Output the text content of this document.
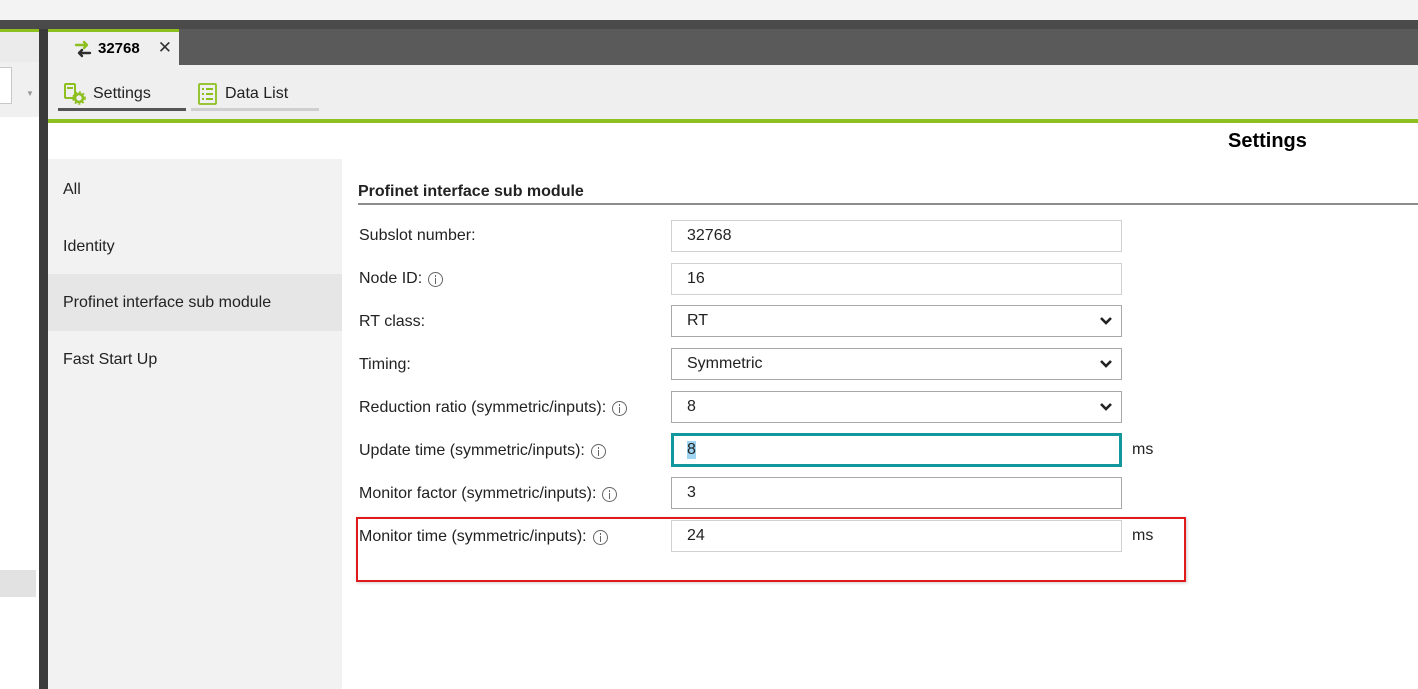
▼
32768 ✕
Settings	Data List
Settings
All
Identity
Profinet interface sub module
Fast Start Up
Profinet interface sub module
Subslot number:	32768
Node ID:	16
RT class:	RT
Timing:	Symmetric
Reduction ratio (symmetric/inputs):	8
Update time (symmetric/inputs):	8	ms
Monitor factor (symmetric/inputs):	3
Monitor time (symmetric/inputs):	24	ms
